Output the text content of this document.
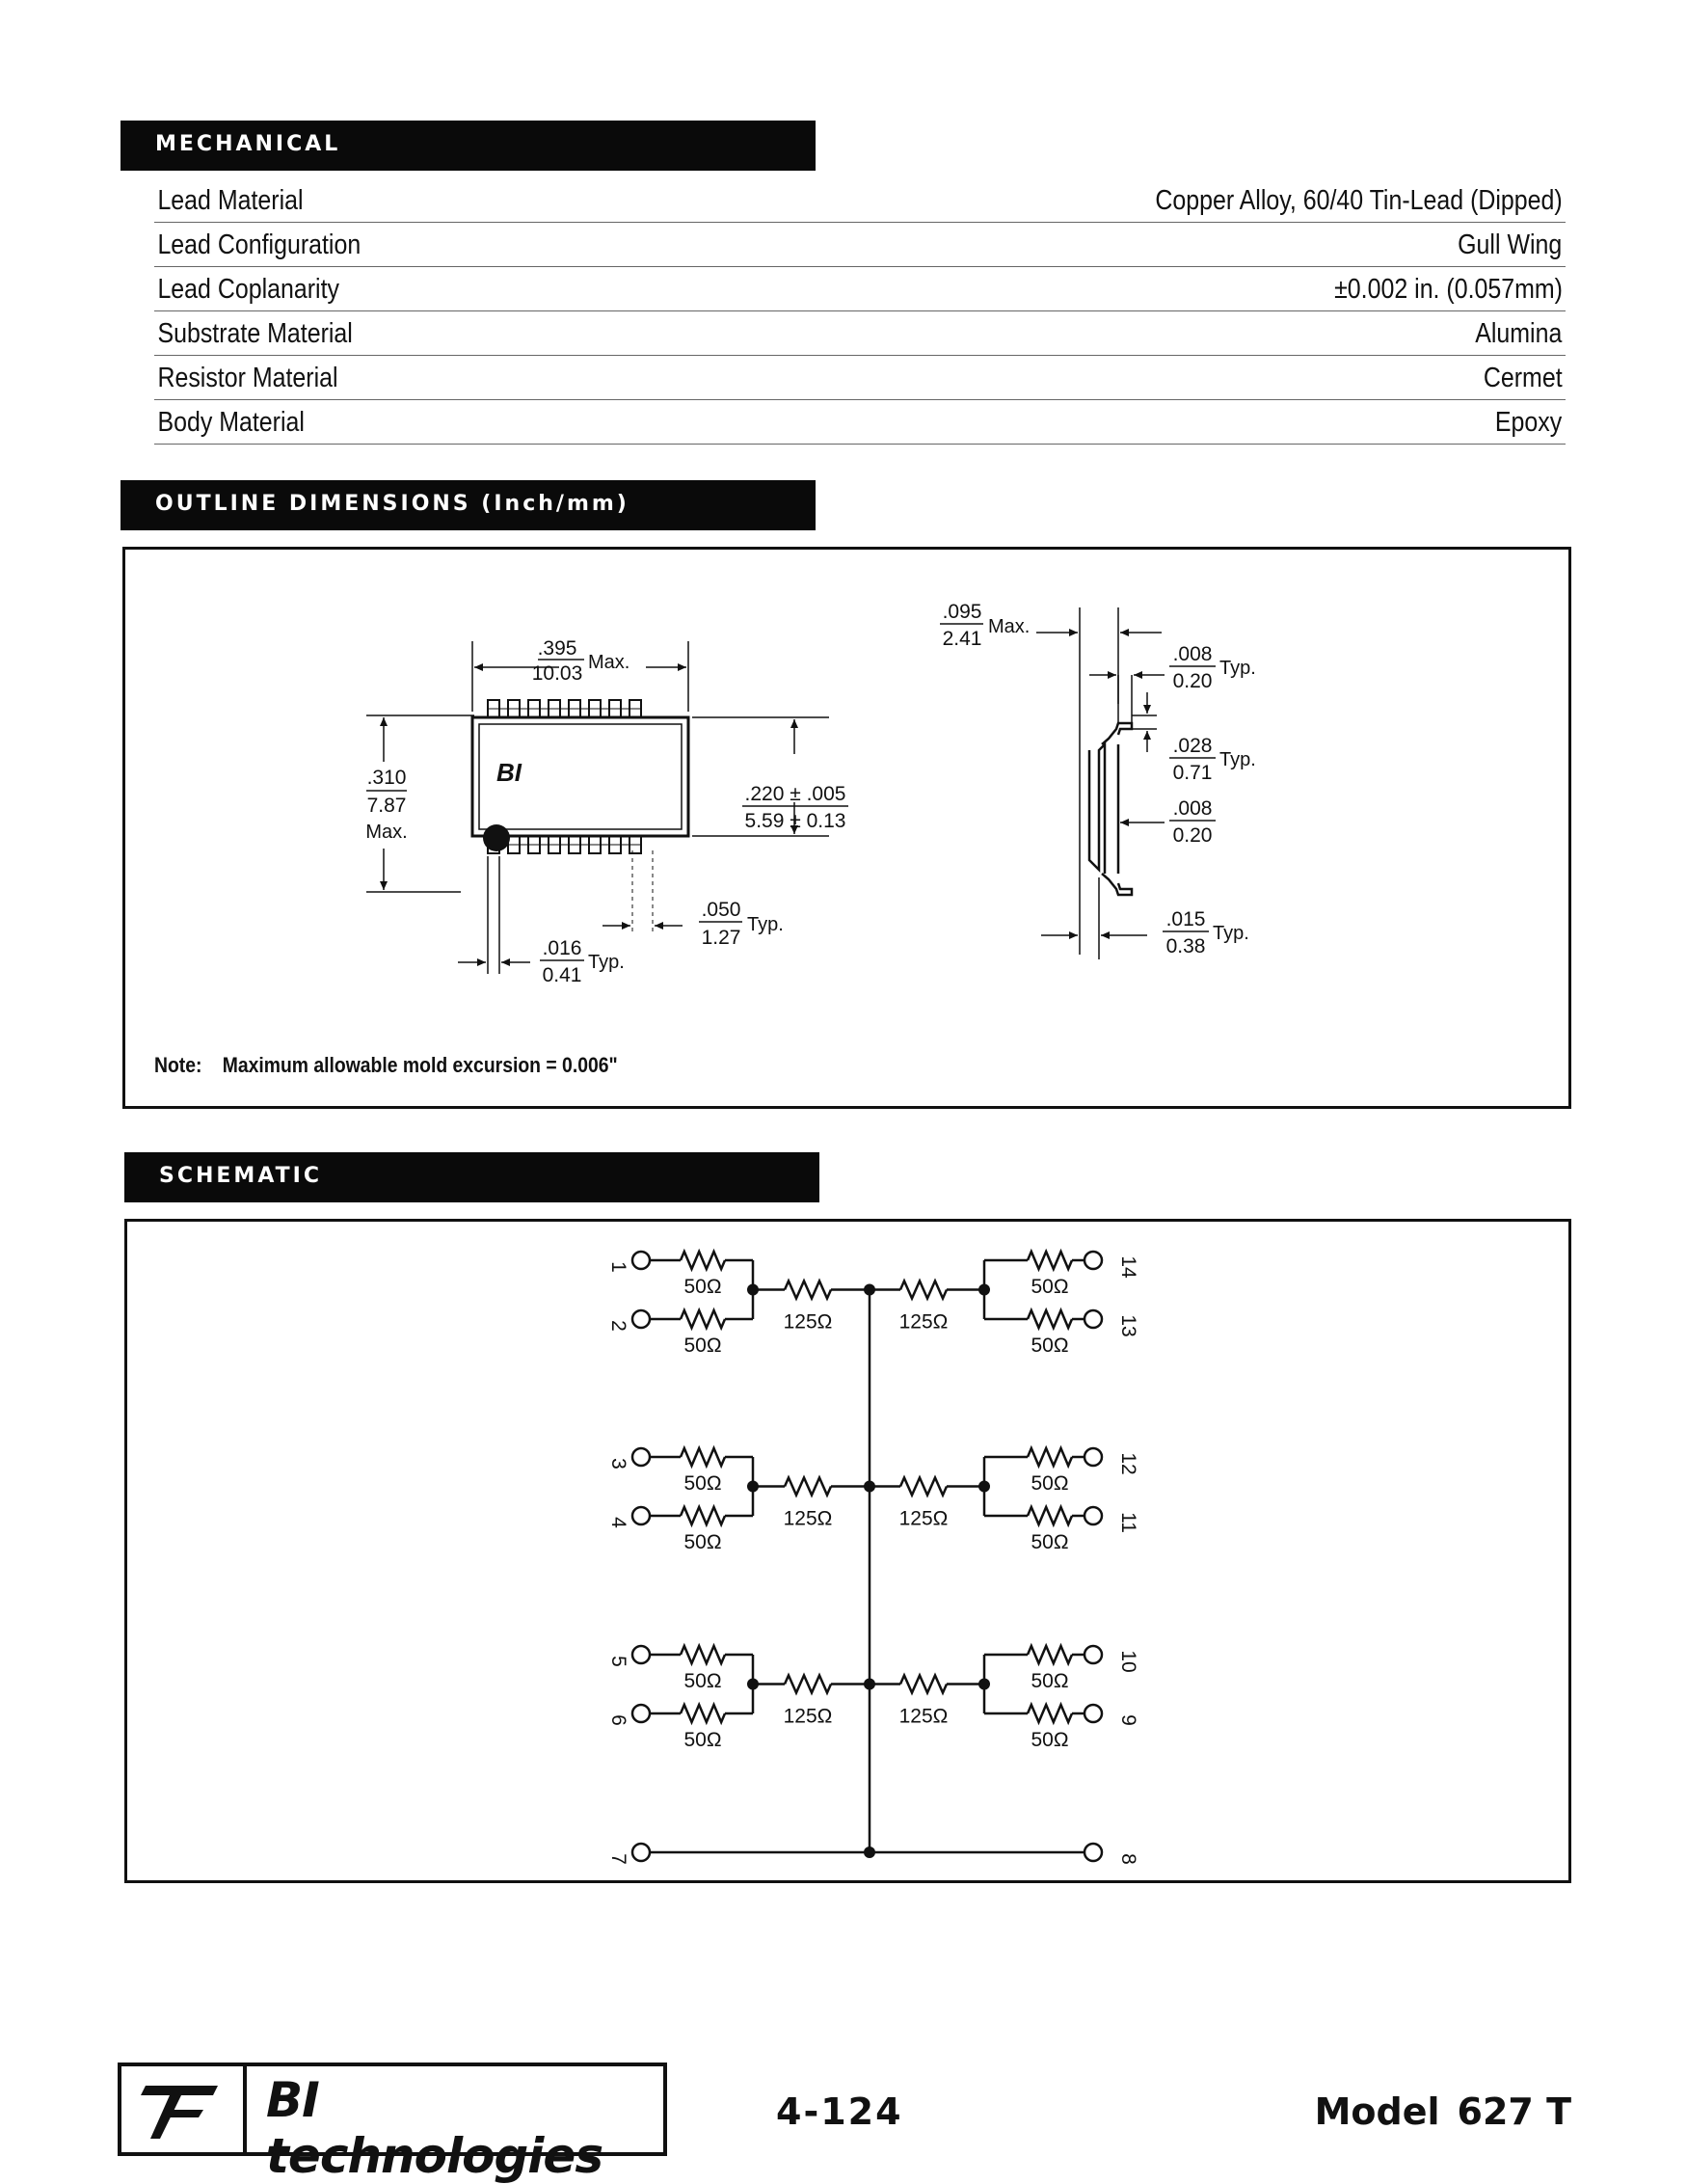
MECHANICAL
Lead Material	Copper Alloy, 60/40 Tin-Lead (Dipped)
Lead Configuration	Gull Wing
Lead Coplanarity	±0.002 in. (0.057mm)
Substrate Material	Alumina
Resistor Material	Cermet
Body Material	Epoxy
OUTLINE DIMENSIONS (Inch/mm)
BI
.395
10.03 Max.
.310
7.87
Max.
.220 ± .005
5.59 ± 0.13
.050
1.27
Typ.
.016
0.41
Typ.
.095
2.41
Max.
.008
0.20
Typ.
.028
0.71
Typ.
.008
0.20
.015
0.38
Typ.
Note: Maximum allowable mold excursion = 0.006"
SCHEMATIC
50Ω
1
50Ω
14
50Ω
2
50Ω
13
125Ω	125Ω
50Ω
3
50Ω
12
50Ω
4
50Ω
11
125Ω	125Ω
50Ω
5
50Ω
10
50Ω
6
50Ω
9
125Ω	125Ω
7	8
BI technologies
4-124	Model 627 T
